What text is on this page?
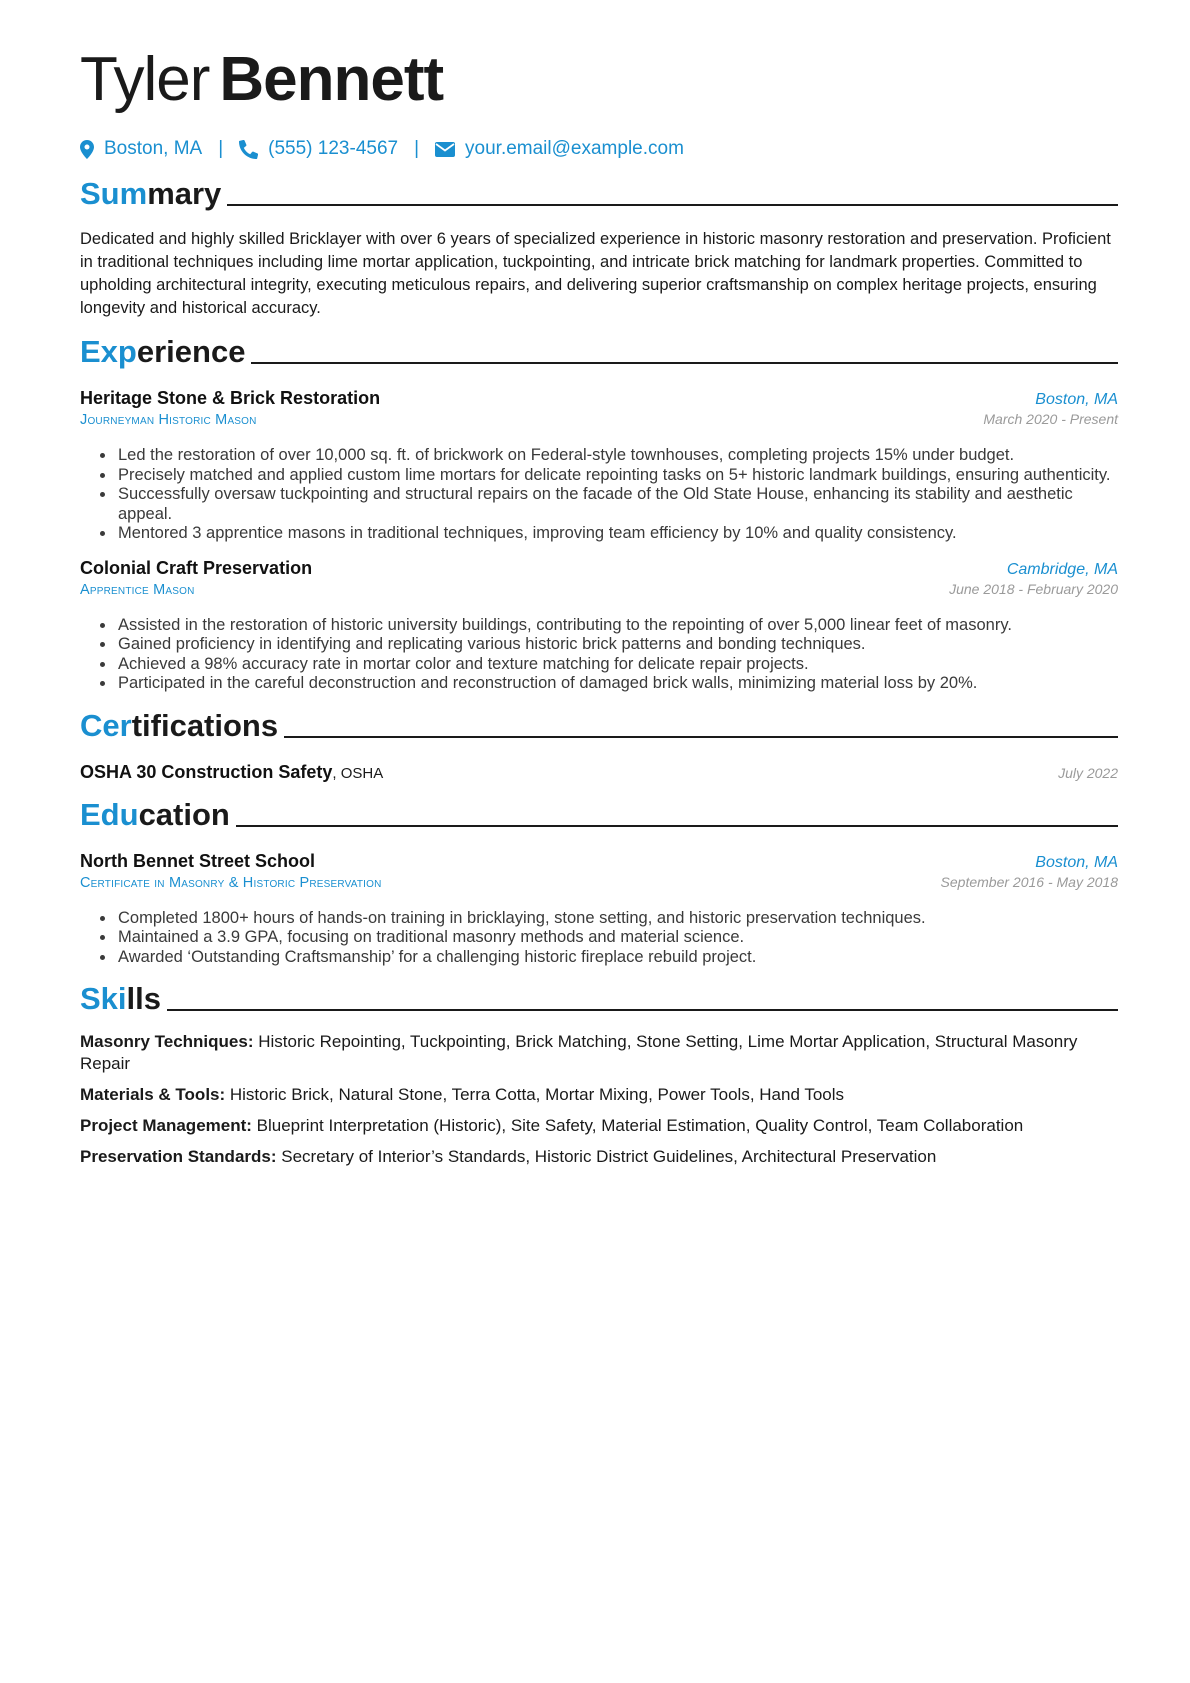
Tyler Bennett
Boston, MA | (555) 123-4567 | your.email@example.com
Summary
Dedicated and highly skilled Bricklayer with over 6 years of specialized experience in historic masonry restoration and preservation. Proficient in traditional techniques including lime mortar application, tuckpointing, and intricate brick matching for landmark properties. Committed to upholding architectural integrity, executing meticulous repairs, and delivering superior craftsmanship on complex heritage projects, ensuring longevity and historical accuracy.
Experience
Heritage Stone & Brick Restoration	Boston, MA
Journeyman Historic Mason	March 2020 - Present
• Led the restoration of over 10,000 sq. ft. of brickwork on Federal-style townhouses, completing projects 15% under budget.
• Precisely matched and applied custom lime mortars for delicate repointing tasks on 5+ historic landmark buildings, ensuring authenticity.
• Successfully oversaw tuckpointing and structural repairs on the facade of the Old State House, enhancing its stability and aesthetic appeal.
• Mentored 3 apprentice masons in traditional techniques, improving team efficiency by 10% and quality consistency.
Colonial Craft Preservation	Cambridge, MA
Apprentice Mason	June 2018 - February 2020
• Assisted in the restoration of historic university buildings, contributing to the repointing of over 5,000 linear feet of masonry.
• Gained proficiency in identifying and replicating various historic brick patterns and bonding techniques.
• Achieved a 98% accuracy rate in mortar color and texture matching for delicate repair projects.
• Participated in the careful deconstruction and reconstruction of damaged brick walls, minimizing material loss by 20%.
Certifications
OSHA 30 Construction Safety, OSHA	July 2022
Education
North Bennet Street School	Boston, MA
Certificate in Masonry & Historic Preservation	September 2016 - May 2018
• Completed 1800+ hours of hands-on training in bricklaying, stone setting, and historic preservation techniques.
• Maintained a 3.9 GPA, focusing on traditional masonry methods and material science.
• Awarded ‘Outstanding Craftsmanship’ for a challenging historic fireplace rebuild project.
Skills
Masonry Techniques: Historic Repointing, Tuckpointing, Brick Matching, Stone Setting, Lime Mortar Application, Structural Masonry Repair
Materials & Tools: Historic Brick, Natural Stone, Terra Cotta, Mortar Mixing, Power Tools, Hand Tools
Project Management: Blueprint Interpretation (Historic), Site Safety, Material Estimation, Quality Control, Team Collaboration
Preservation Standards: Secretary of Interior’s Standards, Historic District Guidelines, Architectural Preservation
